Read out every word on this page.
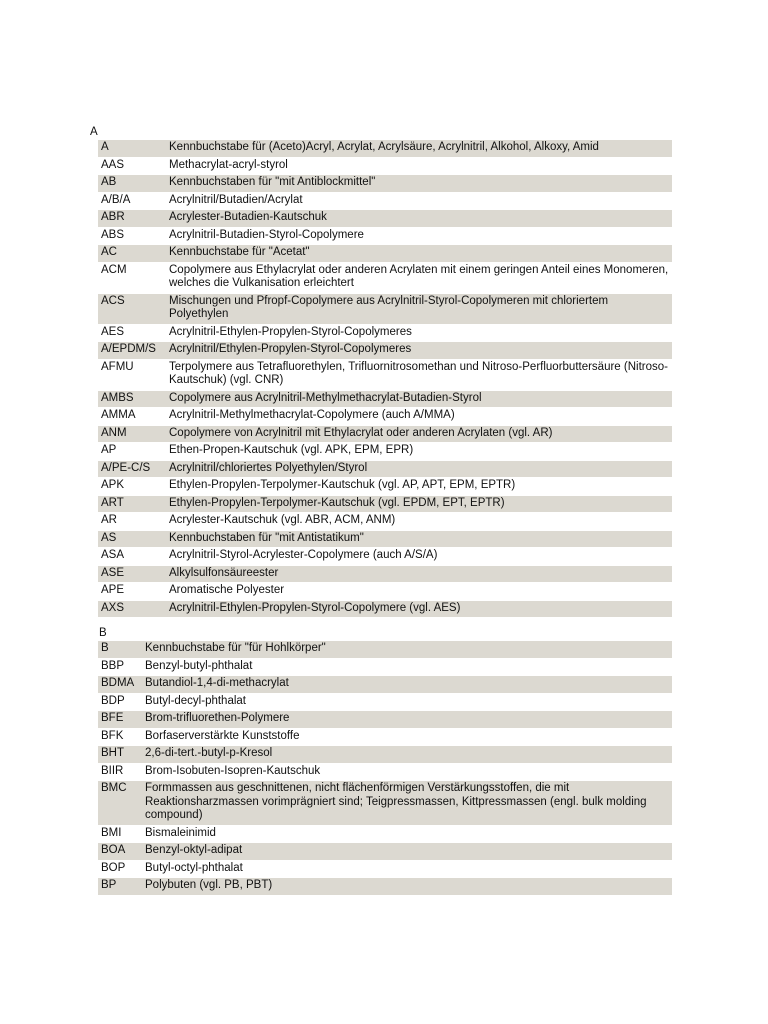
A
A	Kennbuchstabe für (Aceto)Acryl, Acrylat, Acrylsäure, Acrylnitril, Alkohol, Alkoxy, Amid
AAS	Methacrylat-acryl-styrol
AB	Kennbuchstaben für "mit Antiblockmittel"
A/B/A	Acrylnitril/Butadien/Acrylat
ABR	Acrylester-Butadien-Kautschuk
ABS	Acrylnitril-Butadien-Styrol-Copolymere
AC	Kennbuchstabe für "Acetat"
ACM	Copolymere aus Ethylacrylat oder anderen Acrylaten mit einem geringen Anteil eines Monomeren, welches die Vulkanisation erleichtert
ACS	Mischungen und Pfropf-Copolymere aus Acrylnitril-Styrol-Copolymeren mit chloriertem Polyethylen
AES	Acrylnitril-Ethylen-Propylen-Styrol-Copolymeres
A/EPDM/S	Acrylnitril/Ethylen-Propylen-Styrol-Copolymeres
AFMU	Terpolymere aus Tetrafluorethylen, Trifluornitrosomethan und Nitroso-Perfluorbuttersäure (Nitroso-Kautschuk) (vgl. CNR)
AMBS	Copolymere aus Acrylnitril-Methylmethacrylat-Butadien-Styrol
AMMA	Acrylnitril-Methylmethacrylat-Copolymere (auch A/MMA)
ANM	Copolymere von Acrylnitril mit Ethylacrylat oder anderen Acrylaten (vgl. AR)
AP	Ethen-Propen-Kautschuk (vgl. APK, EPM, EPR)
A/PE-C/S	Acrylnitril/chloriertes Polyethylen/Styrol
APK	Ethylen-Propylen-Terpolymer-Kautschuk (vgl. AP, APT, EPM, EPTR)
ART	Ethylen-Propylen-Terpolymer-Kautschuk (vgl. EPDM, EPT, EPTR)
AR	Acrylester-Kautschuk (vgl. ABR, ACM, ANM)
AS	Kennbuchstaben für "mit Antistatikum"
ASA	Acrylnitril-Styrol-Acrylester-Copolymere (auch A/S/A)
ASE	Alkylsulfonsäureester
APE	Aromatische Polyester
AXS	Acrylnitril-Ethylen-Propylen-Styrol-Copolymere (vgl. AES)
B
B	Kennbuchstabe für "für Hohlkörper"
BBP	Benzyl-butyl-phthalat
BDMA	Butandiol-1,4-di-methacrylat
BDP	Butyl-decyl-phthalat
BFE	Brom-trifluorethen-Polymere
BFK	Borfaserverstärkte Kunststoffe
BHT	2,6-di-tert.-butyl-p-Kresol
BIIR	Brom-Isobuten-Isopren-Kautschuk
BMC	Formmassen aus geschnittenen, nicht flächenförmigen Verstärkungsstoffen, die mit Reaktionsharzmassen vorimprägniert sind; Teigpressmassen, Kittpressmassen (engl. bulk molding compound)
BMI	Bismaleinimid
BOA	Benzyl-oktyl-adipat
BOP	Butyl-octyl-phthalat
BP	Polybuten (vgl. PB, PBT)
